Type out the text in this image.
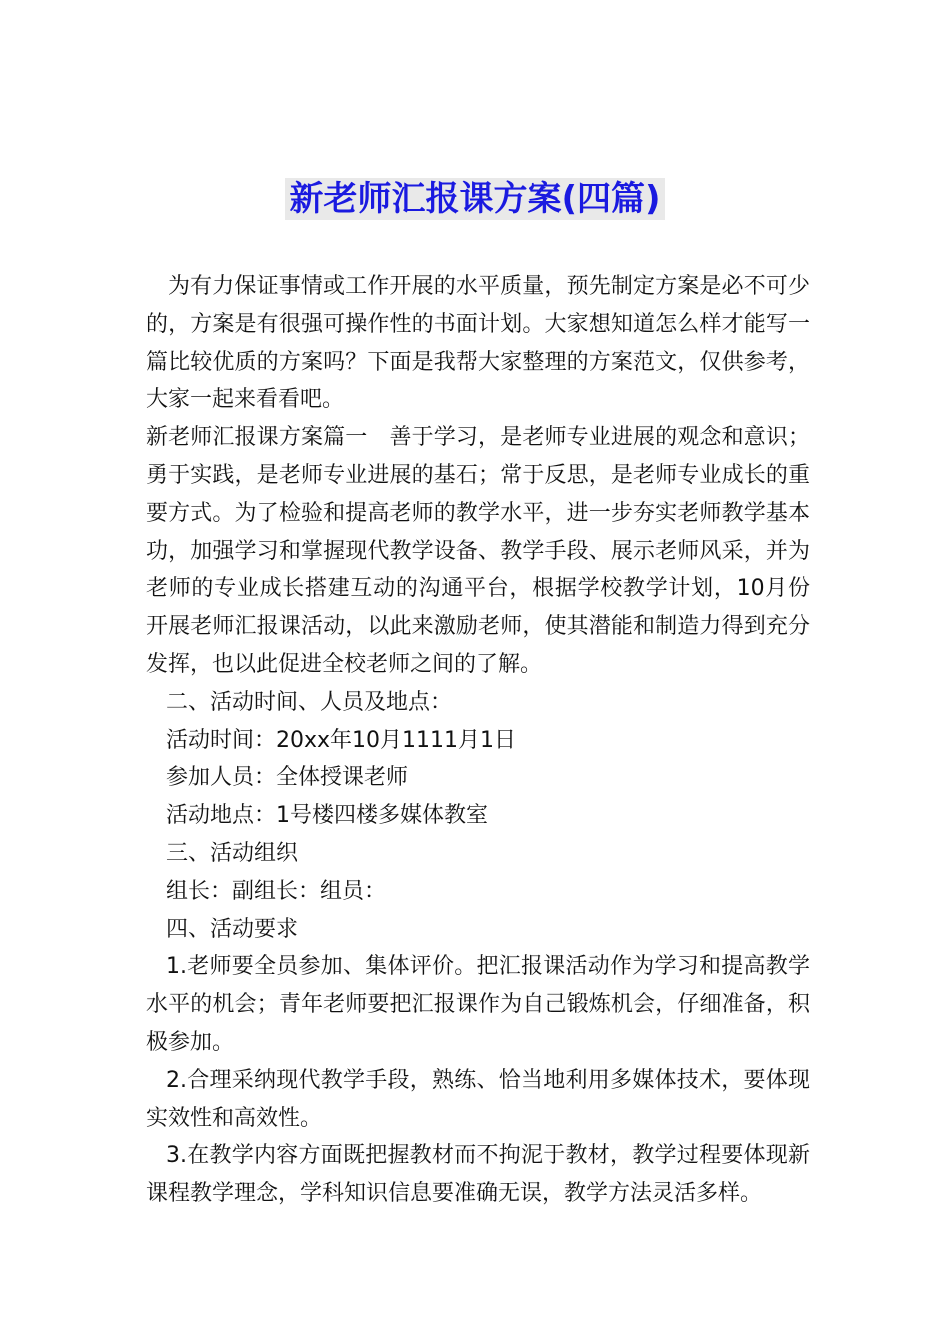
新老师汇报课方案(四篇)

为有力保证事情或工作开展的水平质量，预先制定方案是必不可少的，方案是有很强可操作性的书面计划。大家想知道怎么样才能写一篇比较优质的方案吗？下面是我帮大家整理的方案范文，仅供参考，大家一起来看看吧。

新老师汇报课方案篇一　善于学习，是老师专业进展的观念和意识；勇于实践，是老师专业进展的基石；常于反思，是老师专业成长的重要方式。为了检验和提高老师的教学水平，进一步夯实老师教学基本功，加强学习和掌握现代教学设备、教学手段、展示老师风采，并为老师的专业成长搭建互动的沟通平台，根据学校教学计划，10月份开展老师汇报课活动，以此来激励老师，使其潜能和制造力得到充分发挥，也以此促进全校老师之间的了解。

二、活动时间、人员及地点：

活动时间：20xx年10月1111月1日

参加人员：全体授课老师

活动地点：1号楼四楼多媒体教室

三、活动组织

组长：副组长：组员：

四、活动要求

1.老师要全员参加、集体评价。把汇报课活动作为学习和提高教学水平的机会；青年老师要把汇报课作为自己锻炼机会，仔细准备，积极参加。

2.合理采纳现代教学手段，熟练、恰当地利用多媒体技术，要体现实效性和高效性。

3.在教学内容方面既把握教材而不拘泥于教材，教学过程要体现新课程教学理念，学科知识信息要准确无误，教学方法灵活多样。
